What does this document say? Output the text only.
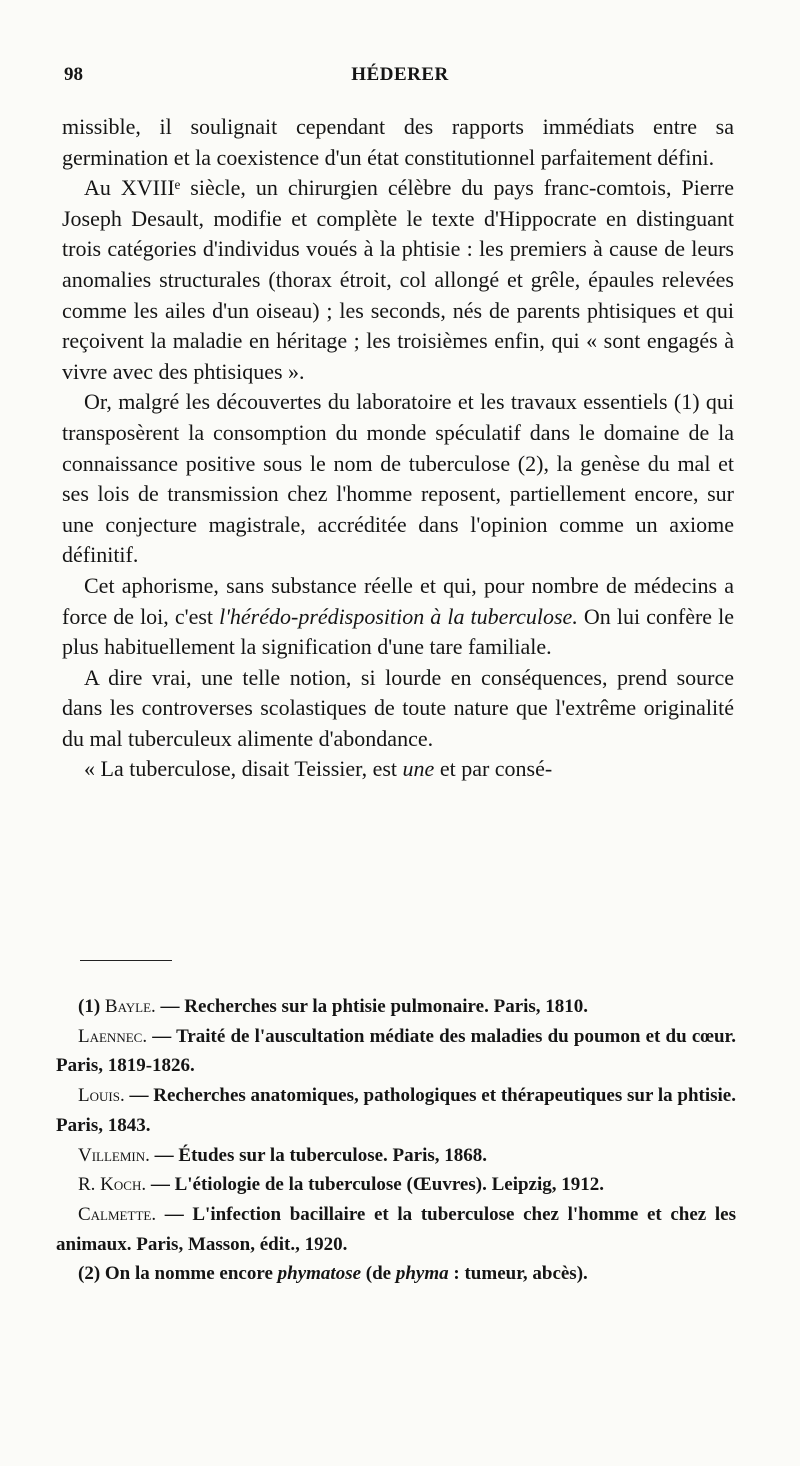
98	HÉDERER

missible, il soulignait cependant des rapports immédiats entre sa germination et la coexistence d'un état constitutionnel parfaitement défini.

Au XVIIIᵉ siècle, un chirurgien célèbre du pays franc-comtois, Pierre Joseph Desault, modifie et complète le texte d'Hippocrate en distinguant trois catégories d'individus voués à la phtisie : les premiers à cause de leurs anomalies structurales (thorax étroit, col allongé et grêle, épaules relevées comme les ailes d'un oiseau) ; les seconds, nés de parents phtisiques et qui reçoivent la maladie en héritage ; les troisièmes enfin, qui « sont engagés à vivre avec des phtisiques ».

Or, malgré les découvertes du laboratoire et les travaux essentiels (1) qui transposèrent la consomption du monde spéculatif dans le domaine de la connaissance positive sous le nom de tuberculose (2), la genèse du mal et ses lois de transmission chez l'homme reposent, partiellement encore, sur une conjecture magistrale, accréditée dans l'opinion comme un axiome définitif.

Cet aphorisme, sans substance réelle et qui, pour nombre de médecins a force de loi, c'est l'hérédo-prédisposition à la tuberculose. On lui confère le plus habituellement la signification d'une tare familiale.

A dire vrai, une telle notion, si lourde en conséquences, prend source dans les controverses scolastiques de toute nature que l'extrême originalité du mal tuberculeux alimente d'abondance.

« La tuberculose, disait Teissier, est une et par consé-

(1) Bayle. — Recherches sur la phtisie pulmonaire. Paris, 1810.

Laennec. — Traité de l'auscultation médiate des maladies du poumon et du cœur. Paris, 1819-1826.

Louis. — Recherches anatomiques, pathologiques et thérapeutiques sur la phtisie. Paris, 1843.

Villemin. — Études sur la tuberculose. Paris, 1868.

R. Koch. — L'étiologie de la tuberculose (Œuvres). Leipzig, 1912.

Calmette. — L'infection bacillaire et la tuberculose chez l'homme et chez les animaux. Paris, Masson, édit., 1920.

(2) On la nomme encore phymatose (de phyma : tumeur, abcès).
